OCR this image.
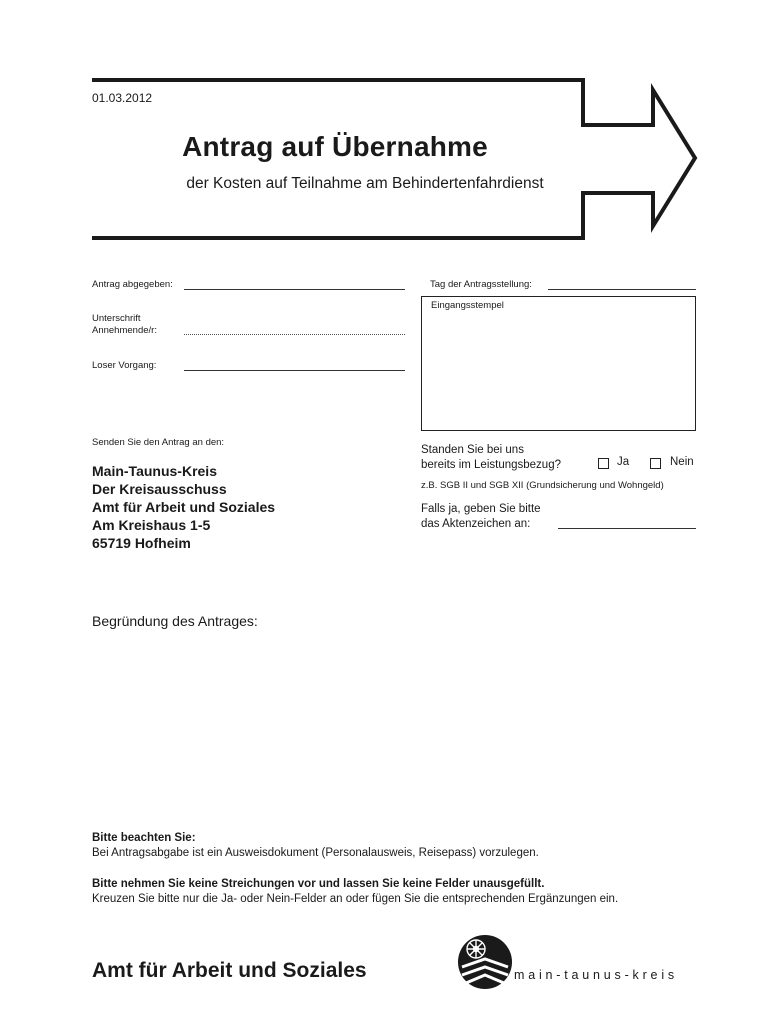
01.03.2012
Antrag auf Übernahme
der Kosten auf Teilnahme am Behindertenfahrdienst
Antrag abgegeben:
Unterschrift
Annehmende/r:
Loser Vorgang:
Tag der Antragsstellung:
Eingangsstempel
Senden Sie den Antrag an den:
Main-Taunus-Kreis
Der Kreisausschuss
Amt für Arbeit und Soziales
Am Kreishaus 1-5
65719 Hofheim
Standen Sie bei uns
bereits im Leistungsbezug?	Ja	Nein
z.B. SGB II und SGB XII (Grundsicherung und Wohngeld)
Falls ja, geben Sie bitte
das Aktenzeichen an:
Begründung des Antrages:
Bitte beachten Sie:
Bei Antragsabgabe ist ein Ausweisdokument (Personalausweis, Reisepass) vorzulegen.
Bitte nehmen Sie keine Streichungen vor und lassen Sie keine Felder unausgefüllt.
Kreuzen Sie bitte nur die Ja- oder Nein-Felder an oder fügen Sie die entsprechenden Ergänzungen ein.
Amt für Arbeit und Soziales	main-taunus-kreis
